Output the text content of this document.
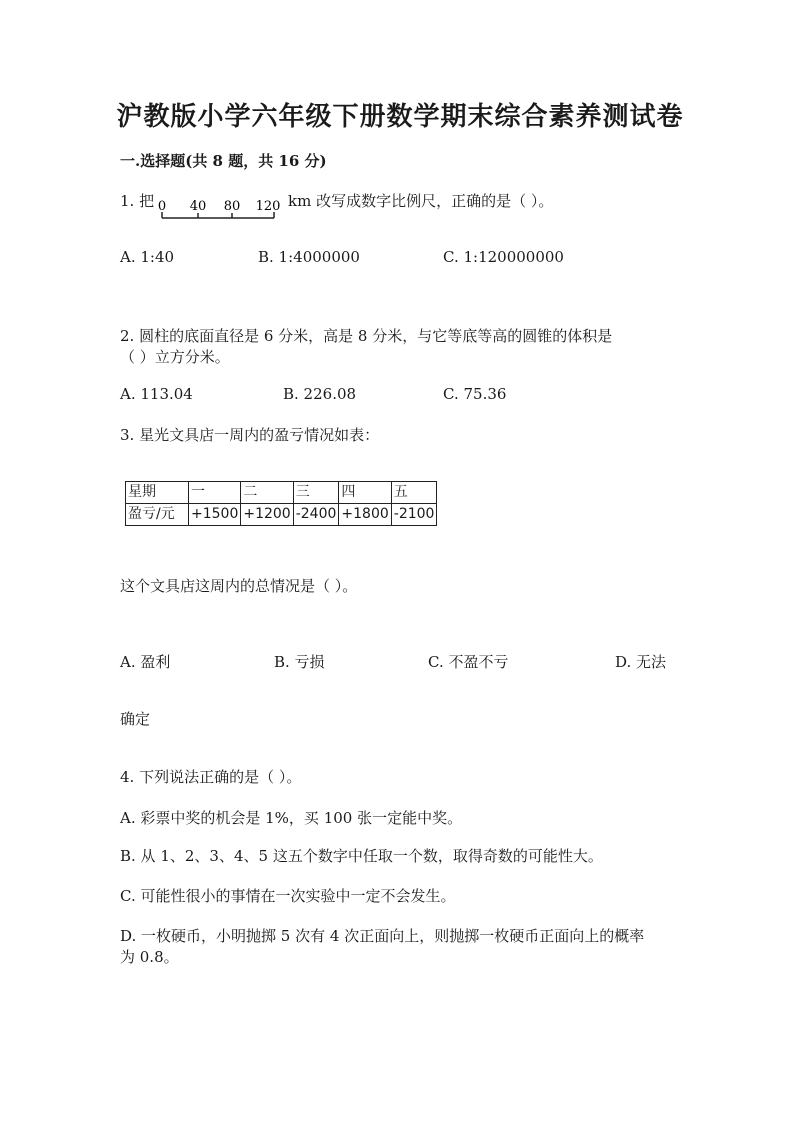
沪教版小学六年级下册数学期末综合素养测试卷
一.选择题(共 8 题，共 16 分)
1. 把 0 40 80 120 km 改写成数字比例尺，正确的是（ ）。
A. 1:40	B. 1:4000000	C. 1:120000000
2. 圆柱的底面直径是 6 分米，高是 8 分米，与它等底等高的圆锥的体积是
（ ）立方分米。
A. 113.04	B. 226.08	C. 75.36
3. 星光文具店一周内的盈亏情况如表：
星期	一	二	三	四	五
盈亏/元	+1500	+1200	-2400	+1800	-2100
这个文具店这周内的总情况是（ ）。
A. 盈利	B. 亏损	C. 不盈不亏	D. 无法
确定
4. 下列说法正确的是（ ）。
A. 彩票中奖的机会是 1%，买 100 张一定能中奖。
B. 从 1、2、3、4、5 这五个数字中任取一个数，取得奇数的可能性大。
C. 可能性很小的事情在一次实验中一定不会发生。
D. 一枚硬币，小明抛掷 5 次有 4 次正面向上，则抛掷一枚硬币正面向上的概率
为 0.8。
